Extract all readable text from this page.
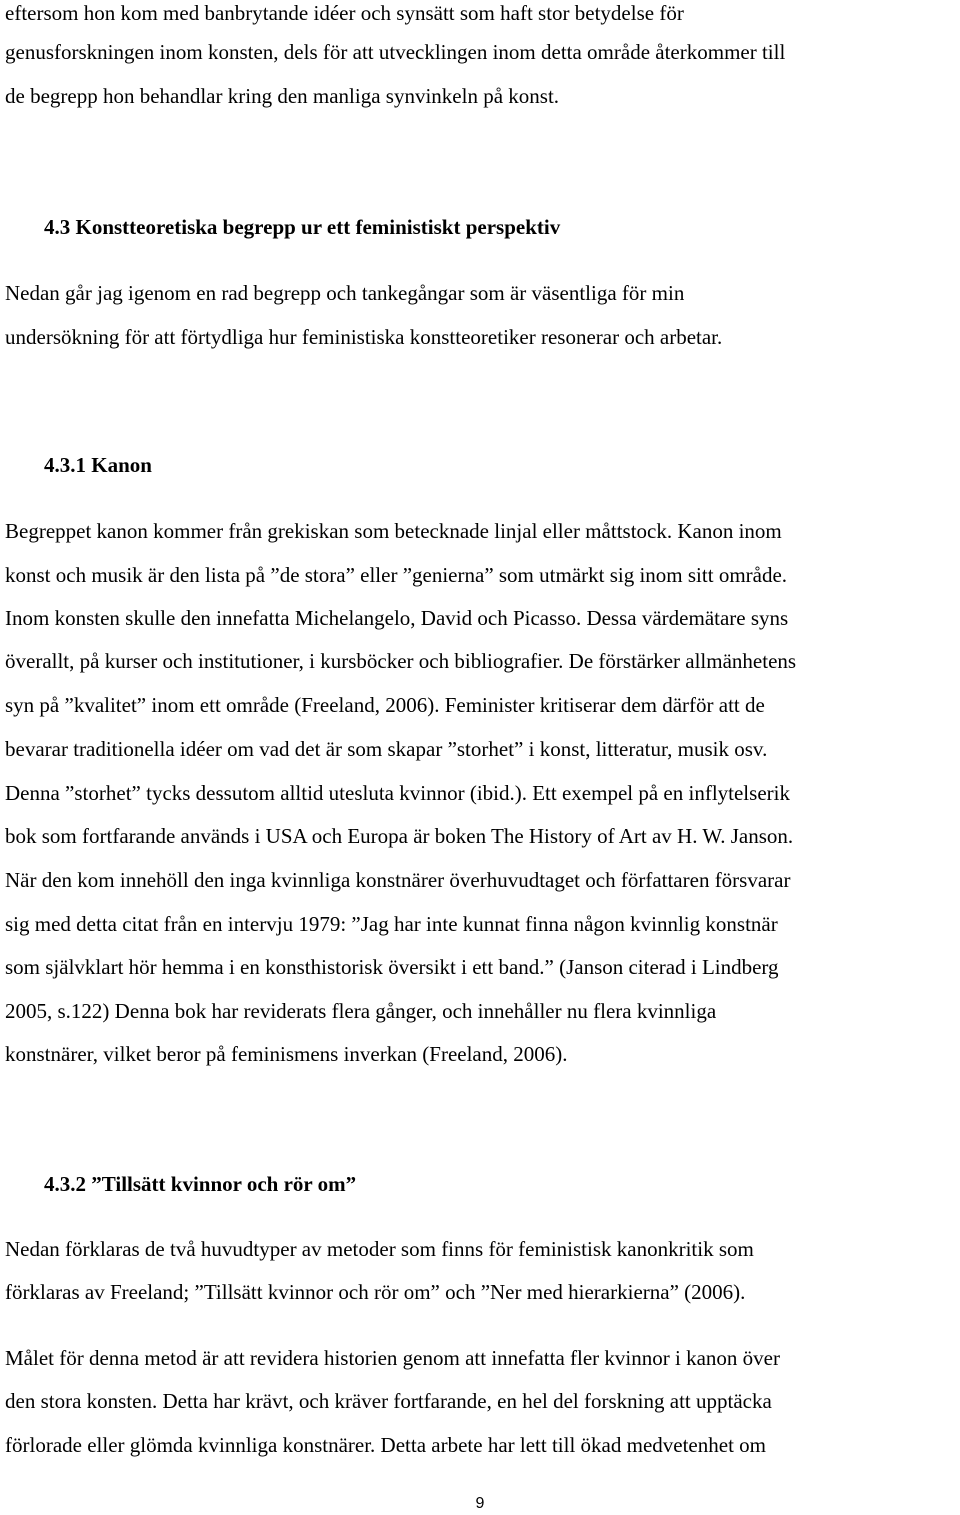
eftersom hon kom med banbrytande idéer och synsätt som haft stor betydelse för

genusforskningen inom konsten, dels för att utvecklingen inom detta område återkommer till

de begrepp hon behandlar kring den manliga synvinkeln på konst.

4.3 Konstteoretiska begrepp ur ett feministiskt perspektiv

Nedan går jag igenom en rad begrepp och tankegångar som är väsentliga för min

undersökning för att förtydliga hur feministiska konstteoretiker resonerar och arbetar.

4.3.1 Kanon

Begreppet kanon kommer från grekiskan som betecknade linjal eller måttstock. Kanon inom

konst och musik är den lista på ”de stora” eller ”genierna” som utmärkt sig inom sitt område.

Inom konsten skulle den innefatta Michelangelo, David och Picasso. Dessa värdemätare syns

överallt, på kurser och institutioner, i kursböcker och bibliografier. De förstärker allmänhetens

syn på ”kvalitet” inom ett område (Freeland, 2006). Feminister kritiserar dem därför att de

bevarar traditionella idéer om vad det är som skapar ”storhet” i konst, litteratur, musik osv.

Denna ”storhet” tycks dessutom alltid utesluta kvinnor (ibid.). Ett exempel på en inflytelserik

bok som fortfarande används i USA och Europa är boken The History of Art av H. W. Janson.

När den kom innehöll den inga kvinnliga konstnärer överhuvudtaget och författaren försvarar

sig med detta citat från en intervju 1979: ”Jag har inte kunnat finna någon kvinnlig konstnär

som självklart hör hemma i en konsthistorisk översikt i ett band.” (Janson citerad i Lindberg

2005, s.122) Denna bok har reviderats flera gånger, och innehåller nu flera kvinnliga

konstnärer, vilket beror på feminismens inverkan (Freeland, 2006).

4.3.2 ”Tillsätt kvinnor och rör om”

Nedan förklaras de två huvudtyper av metoder som finns för feministisk kanonkritik som

förklaras av Freeland; ”Tillsätt kvinnor och rör om” och ”Ner med hierarkierna” (2006).

Målet för denna metod är att revidera historien genom att innefatta fler kvinnor i kanon över

den stora konsten. Detta har krävt, och kräver fortfarande, en hel del forskning att upptäcka

förlorade eller glömda kvinnliga konstnärer. Detta arbete har lett till ökad medvetenhet om

9
